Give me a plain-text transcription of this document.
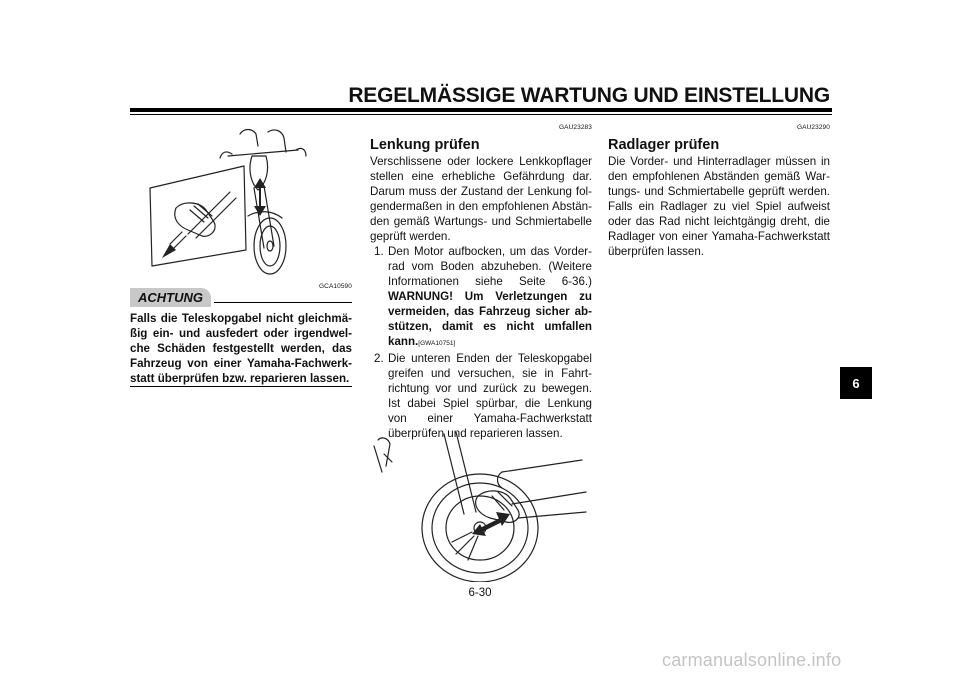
REGELMÄSSIGE WARTUNG UND EINSTELLUNG
GCA10590
ACHTUNG
Falls die Teleskopgabel nicht gleichmä-ßig ein- und ausfedert oder irgendwel-che Schäden festgestellt werden, das Fahrzeug von einer Yamaha-Fachwerk-statt überprüfen bzw. reparieren lassen.
GAU23283
Lenkung prüfen
Verschlissene oder lockere Lenkkopflager stellen eine erhebliche Gefährdung dar. Darum muss der Zustand der Lenkung fol-gendermaßen in den empfohlenen Abstän-den gemäß Wartungs- und Schmiertabelle geprüft werden.
1. Den Motor aufbocken, um das Vorder-rad vom Boden abzuheben. (Weitere Informationen siehe Seite 6-36.) WARNUNG! Um Verletzungen zu vermeiden, das Fahrzeug sicher ab-stützen, damit es nicht umfallen kann.[GWA10751]
2. Die unteren Enden der Teleskopgabel greifen und versuchen, sie in Fahrt-richtung vor und zurück zu bewegen. Ist dabei Spiel spürbar, die Lenkung von einer Yamaha-Fachwerkstatt überprüfen und reparieren lassen.
GAU23290
Radlager prüfen
Die Vorder- und Hinterradlager müssen in den empfohlenen Abständen gemäß War-tungs- und Schmiertabelle geprüft werden. Falls ein Radlager zu viel Spiel aufweist oder das Rad nicht leichtgängig dreht, die Radlager von einer Yamaha-Fachwerkstatt überprüfen lassen.
6-30
6
carmanualsonline.info
